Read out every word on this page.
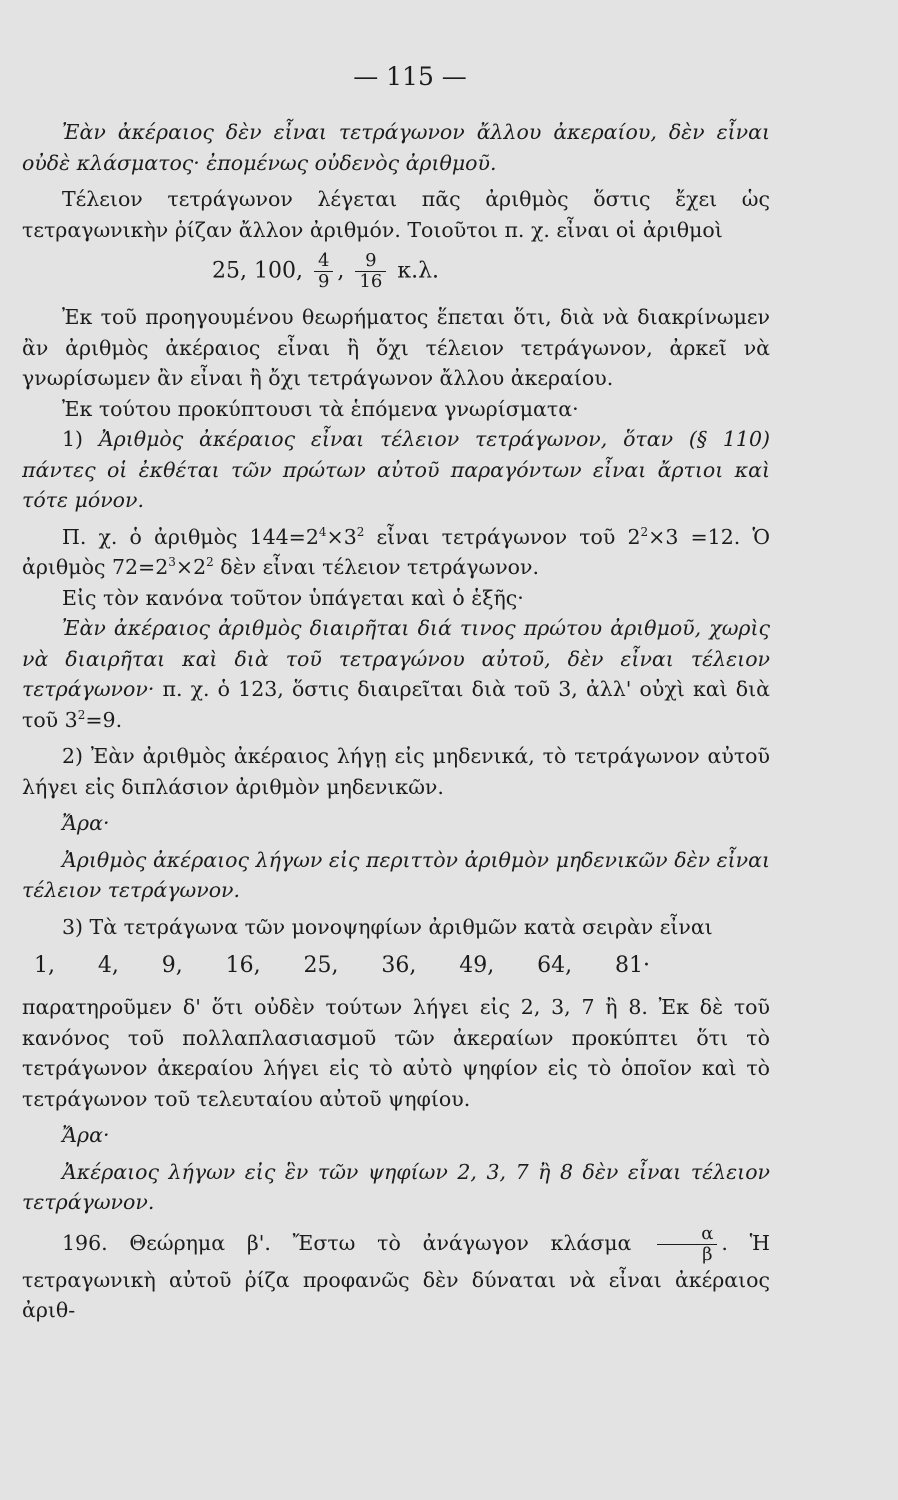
— 115 —

Ἐὰν ἀκέραιος δὲν εἶναι τετράγωνον ἄλλου ἀκεραίου, δὲν εἶναι οὐδὲ κλάσματος· ἐπομένως οὐδενὸς ἀριθμοῦ.

Τέλειον τετράγωνον λέγεται πᾶς ἀριθμὸς ὅστις ἔχει ὡς τετραγωνικὴν ῥίζαν ἄλλον ἀριθμόν. Τοιοῦτοι π. χ. εἶναι οἱ ἀριθμοὶ

25, 100, $\frac{4}{9}$ , $\frac{9}{16} \kappa.\lambda$.

Ἐκ τοῦ προηγουμένου θεωρήματος ἕπεται ὅτι, διὰ νὰ διακρίνωμεν ἂν ἀριθμὸς ἀκέραιος εἶναι ἢ ὄχι τέλειον τετράγωνον, ἀρκεῖ νὰ γνωρίσωμεν ἂν εἶναι ἢ ὄχι τετράγωνον ἄλλου ἀκεραίου.

Ἐκ τούτου προκύπτουσι τὰ ἑπόμενα γνωρίσματα·

1) Ἀριθμὸς ἀκέραιος εἶναι τέλειον τετράγωνον, ὅταν (§ 110) πάντες οἱ ἐκθέται τῶν πρώτων αὐτοῦ παραγόντων εἶναι ἄρτιοι καὶ τότε μόνον.

Π. χ. ὁ ἀριθμὸς $144=2^4\times 3^2$ εἶναι τετράγωνον τοῦ $2^2\times 3 =12$. Ὁ ἀριθμὸς $72=2^3\times 2^2$ δὲν εἶναι τέλειον τετράγωνον.

Εἰς τὸν κανόνα τοῦτον ὑπάγεται καὶ ὁ ἑξῆς·

Ἐὰν ἀκέραιος ἀριθμὸς διαιρῆται διά τινος πρώτου ἀριθμοῦ, χωρὶς νὰ διαιρῆται καὶ διὰ τοῦ τετραγώνου αὐτοῦ, δὲν εἶναι τέλειον τετράγωνον· π. χ. ὁ 123, ὅστις διαιρεῖται διὰ τοῦ 3, ἀλλ' οὐχὶ καὶ διὰ τοῦ $3^2=9$.

2) Ἐὰν ἀριθμὸς ἀκέραιος λήγῃ εἰς μηδενικά, τὸ τετράγωνον αὐτοῦ λήγει εἰς διπλάσιον ἀριθμὸν μηδενικῶν.

Ἄρα·

Ἀριθμὸς ἀκέραιος λήγων εἰς περιττὸν ἀριθμὸν μηδενικῶν δὲν εἶναι τέλειον τετράγωνον.

3) Τὰ τετράγωνα τῶν μονοψηφίων ἀριθμῶν κατὰ σειρὰν εἶναι

1, 4, 9, 16, 25, 36, 49, 64, 81·

παρατηροῦμεν δ' ὅτι οὐδὲν τούτων λήγει εἰς 2, 3, 7 ἢ 8. Ἐκ δὲ τοῦ κανόνος τοῦ πολλαπλασιασμοῦ τῶν ἀκεραίων προκύπτει ὅτι τὸ τετράγωνον ἀκεραίου λήγει εἰς τὸ αὐτὸ ψηφίον εἰς τὸ ὁποῖον καὶ τὸ τετράγωνον τοῦ τελευταίου αὐτοῦ ψηφίου.

Ἄρα·

Ἀκέραιος λήγων εἰς ἓν τῶν ψηφίων 2, 3, 7 ἢ 8 δὲν εἶναι τέλειον τετράγωνον.

196. Θεώρημα β'. Ἔστω τὸ ἀνάγωγον κλάσμα $\frac{\alpha}{\beta}$ . Ἡ τετραγωνικὴ αὐτοῦ ῥίζα προφανῶς δὲν δύναται νὰ εἶναι ἀκέραιος ἀριθ-
